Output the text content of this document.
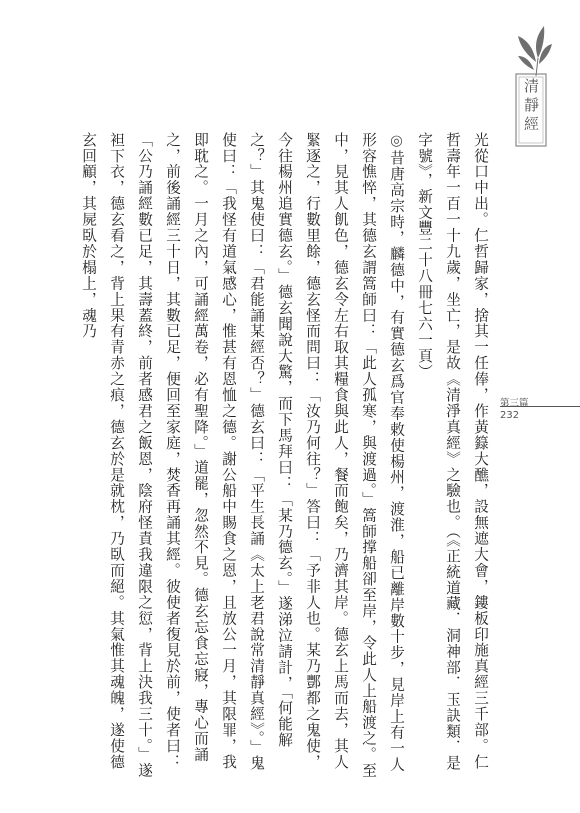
清靜經

光從口中出。仁哲歸家，捨其一任俸，作黃籙大醮，設無遮大會，鏤板印施真經三千部。仁哲壽年一百一十九歲，坐亡，是故《清淨真經》之驗也。（《正統道藏．洞神部．玉訣類．是字號》，新文豐二十八冊七六一頁）

◎昔唐高宗時，麟德中，有實德玄爲官奉敕使楊州，渡淮，船已離岸數十步，見岸上有一人形容憔悴，其德玄謂篙師曰：「此人孤寒，與渡過。」篙師撑船卻至岸，令此人上船渡之。至中，見其人飢色，德玄令左右取其糧食與此人，餐而飽矣，乃濟其岸。德玄上馬而去，其人緊逐之，行數里餘，德玄怪而問曰：「汝乃何往？」答曰：「予非人也。某乃酆都之鬼使，今往楊州追實德玄。」德玄聞說大驚，而下馬拜曰：「某乃德玄。」遂涕泣請計，「何能解之？」其鬼使曰：「君能誦某經否？」德玄曰：「平生長誦《太上老君說常清靜真經》。」鬼使曰：「我怪有道氣感心，惟甚有恩恤之德。謝公船中賜食之恩，且放公一月，其限罪，我即耽之。一月之內，可誦經萬卷，必有聖降。」道罷，忽然不見。德玄忘食忘寢，專心而誦之，前後誦經三十日，其數已足，便回至家庭，焚香再誦其經。彼使者復見於前，使者曰：「公乃誦經數已足，其壽蓋終，前者感君之飯恩，陰府怪責我違限之愆，背上決我三十。」遂袒下衣，德玄看之，背上果有青赤之痕，德玄於是就枕，乃臥而絕。其氣惟其魂魄，遂使德玄回顧，其屍臥於榻上，魂乃

第三篇
232
